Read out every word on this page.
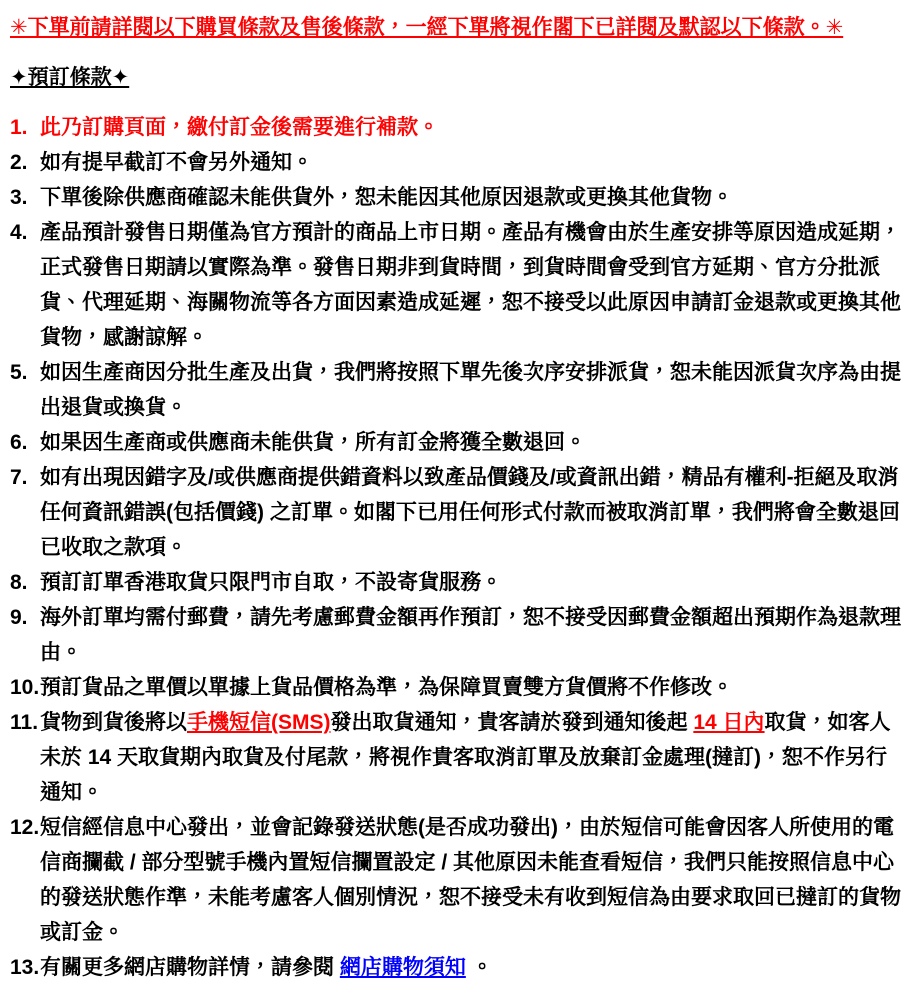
✳下單前請詳閱以下購買條款及售後條款，一經下單將視作閣下已詳閱及默認以下條款。✳

✦預訂條款✦
1. 此乃訂購頁面，繳付訂金後需要進行補款。
2. 如有提早截訂不會另外通知。
3. 下單後除供應商確認未能供貨外，恕未能因其他原因退款或更換其他貨物。
4. 產品預計發售日期僅為官方預計的商品上市日期。產品有機會由於生產安排等原因造成延期，正式發售日期請以實際為準。發售日期非到貨時間，到貨時間會受到官方延期、官方分批派貨、代理延期、海關物流等各方面因素造成延遲，恕不接受以此原因申請訂金退款或更換其他貨物，感謝諒解。
5. 如因生產商因分批生產及出貨，我們將按照下單先後次序安排派貨，恕未能因派貨次序為由提出退貨或換貨。
6. 如果因生產商或供應商未能供貨，所有訂金將獲全數退回。
7. 如有出現因錯字及/或供應商提供錯資料以致產品價錢及/或資訊出錯，精品有權利-拒絕及取消任何資訊錯誤(包括價錢) 之訂單。如閣下已用任何形式付款而被取消訂單，我們將會全數退回已收取之款項。
8. 預訂訂單香港取貨只限門市自取，不設寄貨服務。
9. 海外訂單均需付郵費，請先考慮郵費金額再作預訂，恕不接受因郵費金額超出預期作為退款理由。
10. 預訂貨品之單價以單據上貨品價格為準，為保障買賣雙方貨價將不作修改。
11. 貨物到貨後將以手機短信(SMS)發出取貨通知，貴客請於發到通知後起 14 日內取貨，如客人未於 14 天取貨期內取貨及付尾款，將視作貴客取消訂單及放棄訂金處理(撻訂)，恕不作另行通知。
12. 短信經信息中心發出，並會記錄發送狀態(是否成功發出)，由於短信可能會因客人所使用的電信商攔截 / 部分型號手機內置短信攔置設定 / 其他原因未能查看短信，我們只能按照信息中心的發送狀態作準，未能考慮客人個別情況，恕不接受未有收到短信為由要求取回已撻訂的貨物或訂金。
13. 有關更多網店購物詳情，請參閱 網店購物須知 。
